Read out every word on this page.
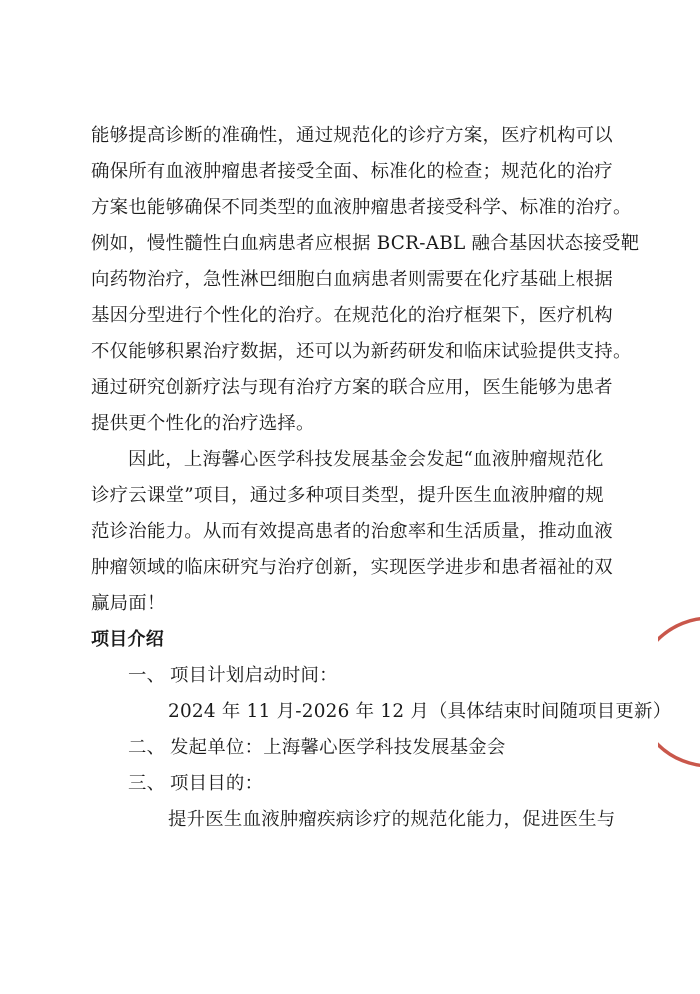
能够提高诊断的准确性，通过规范化的诊疗方案，医疗机构可以
确保所有血液肿瘤患者接受全面、标准化的检查；规范化的治疗
方案也能够确保不同类型的血液肿瘤患者接受科学、标准的治疗。
例如，慢性髓性白血病患者应根据 BCR-ABL 融合基因状态接受靶
向药物治疗，急性淋巴细胞白血病患者则需要在化疗基础上根据
基因分型进行个性化的治疗。在规范化的治疗框架下，医疗机构
不仅能够积累治疗数据，还可以为新药研发和临床试验提供支持。
通过研究创新疗法与现有治疗方案的联合应用，医生能够为患者
提供更个性化的治疗选择。
因此，上海馨心医学科技发展基金会发起“血液肿瘤规范化
诊疗云课堂”项目，通过多种项目类型，提升医生血液肿瘤的规
范诊治能力。从而有效提高患者的治愈率和生活质量，推动血液
肿瘤领域的临床研究与治疗创新，实现医学进步和患者福祉的双
赢局面！
项目介绍
一、 项目计划启动时间：
2024 年 11 月-2026 年 12 月（具体结束时间随项目更新）
二、 发起单位：上海馨心医学科技发展基金会
三、 项目目的：
提升医生血液肿瘤疾病诊疗的规范化能力，促进医生与
